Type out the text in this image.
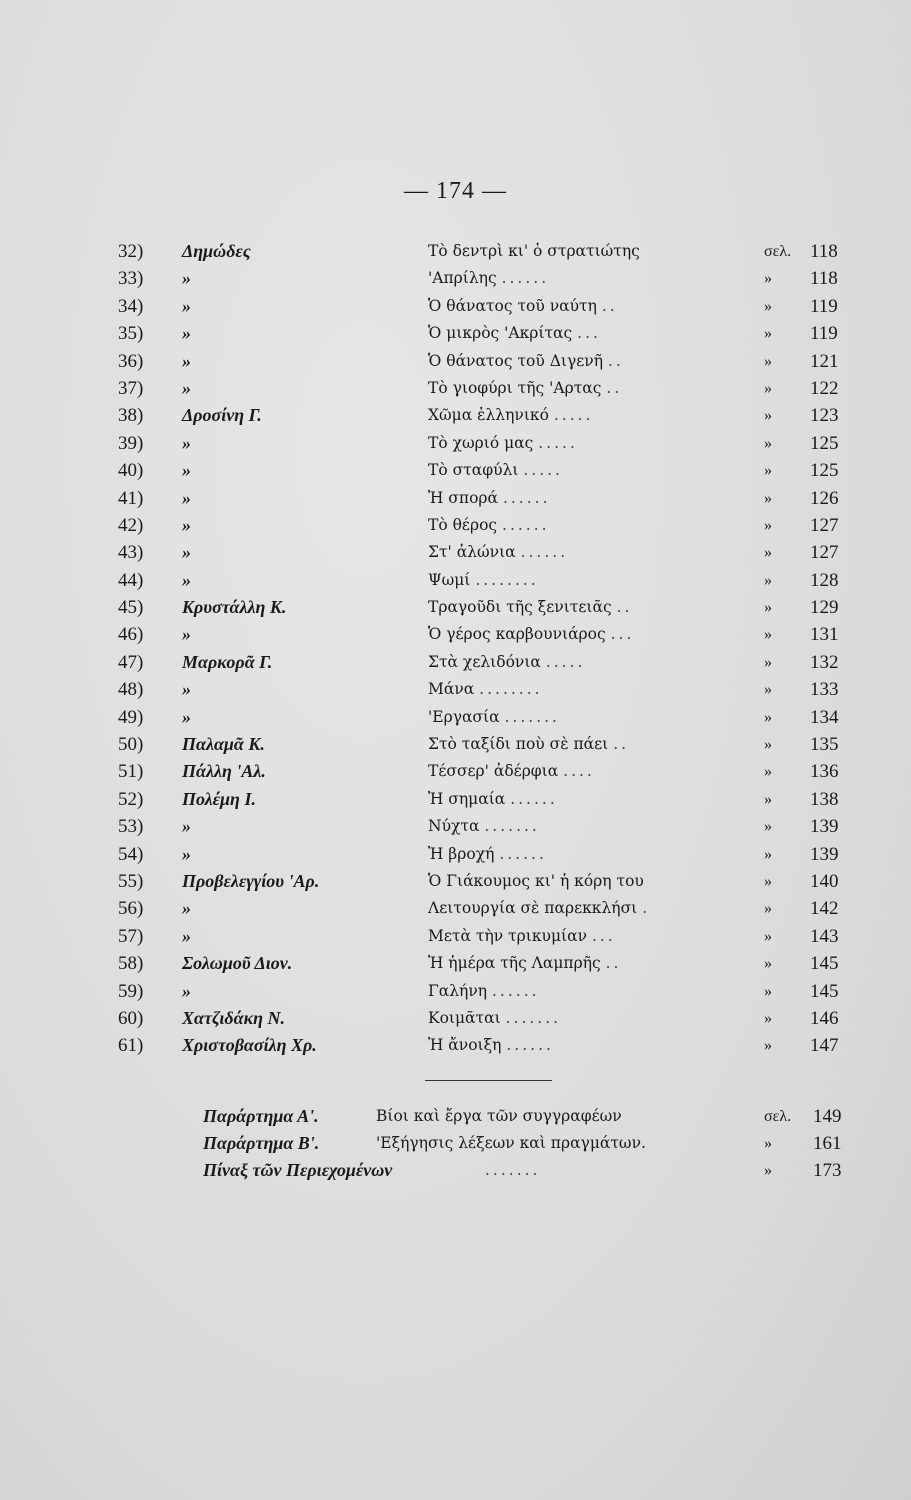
— 174 —
32)	Δημώδες	Τὸ δεντρὶ κι' ὁ στρατιώτης	σελ. 118
33)	»	'Απρίλης ......	» 118
34)	»	Ὁ θάνατος τοῦ ναύτη ..	» 119
35)	»	Ὁ μικρὸς 'Ακρίτας ...	» 119
36)	»	Ὁ θάνατος τοῦ Διγενῆ ..	» 121
37)	»	Τὸ γιοφύρι τῆς 'Αρτας ..	» 122
38)	Δροσίνη Γ.	Χῶμα ἑλληνικό .....	» 123
39)	»	Τὸ χωριό μας .....	» 125
40)	»	Τὸ σταφύλι .....	» 125
41)	»	Ἡ σπορά ......	» 126
42)	»	Τὸ θέρος ......	» 127
43)	»	Στ' ἀλώνια ......	» 127
44)	»	Ψωμί ........	» 128
45)	Κρυστάλλη Κ.	Τραγοῦδι τῆς ξενιτειᾶς ..	» 129
46)	»	Ὁ γέρος καρβουνιάρος ...	» 131
47)	Μαρκορᾶ Γ.	Στὰ χελιδόνια .....	» 132
48)	»	Μάνα ........	» 133
49)	»	'Εργασία .......	» 134
50)	Παλαμᾶ Κ.	Στὸ ταξίδι ποὺ σὲ πάει ..	» 135
51)	Πάλλη 'Αλ.	Τέσσερ' ἀδέρφια ....	» 136
52)	Πολέμη Ι.	Ἡ σημαία ......	» 138
53)	»	Νύχτα .......	» 139
54)	»	Ἡ βροχή ......	» 139
55)	Προβελεγγίου 'Αρ.	Ὁ Γιάκουμος κι' ἡ κόρη του	» 140
56)	»	Λειτουργία σὲ παρεκκλήσι .	» 142
57)	»	Μετὰ τὴν τρικυμίαν ...	» 143
58)	Σολωμοῦ Διον.	Ἡ ἡμέρα τῆς Λαμπρῆς ..	» 145
59)	»	Γαλήνη ......	» 145
60)	Χατζιδάκη Ν.	Κοιμᾶται .......	» 146
61)	Χριστοβασίλη Χρ.	Ἡ ἄνοιξη ......	» 147
Παράρτημα Α'.	Βίοι καὶ ἔργα τῶν συγγραφέων	σελ. 149
Παράρτημα Β'.	'Εξήγησις λέξεων καὶ πραγμάτων.	» 161
Πίναξ τῶν Περιεχομένων	.......	» 173
